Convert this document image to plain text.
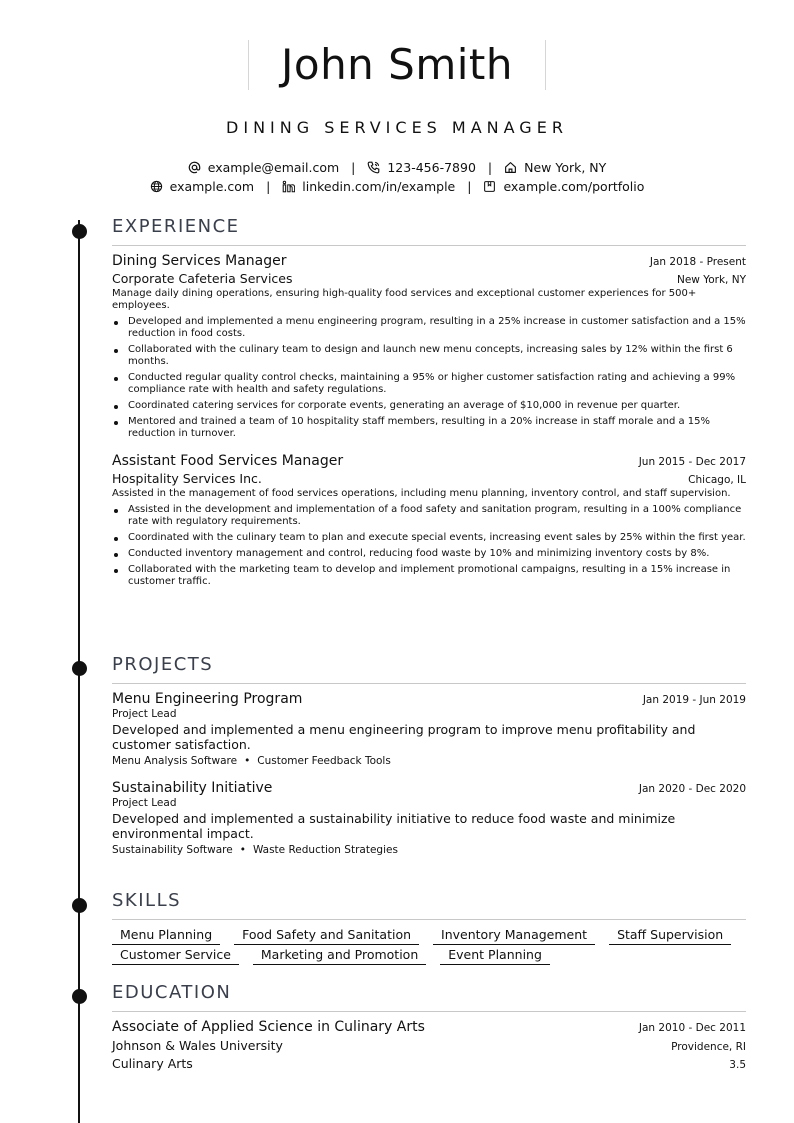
John Smith
DINING SERVICES MANAGER
example@email.com |	123-456-7890 |	New York, NY
example.com |	linkedin.com/in/example |	example.com/portfolio
EXPERIENCE
Dining Services Manager	Jan 2018 - Present
Corporate Cafeteria Services	New York, NY
Manage daily dining operations, ensuring high-quality food services and exceptional customer experiences for 500+ employees.
Developed and implemented a menu engineering program, resulting in a 25% increase in customer satisfaction and a 15% reduction in food costs.
Collaborated with the culinary team to design and launch new menu concepts, increasing sales by 12% within the first 6 months.
Conducted regular quality control checks, maintaining a 95% or higher customer satisfaction rating and achieving a 99% compliance rate with health and safety regulations.
Coordinated catering services for corporate events, generating an average of $10,000 in revenue per quarter.
Mentored and trained a team of 10 hospitality staff members, resulting in a 20% increase in staff morale and a 15% reduction in turnover.
Assistant Food Services Manager	Jun 2015 - Dec 2017
Hospitality Services Inc.	Chicago, IL
Assisted in the management of food services operations, including menu planning, inventory control, and staff supervision.
Assisted in the development and implementation of a food safety and sanitation program, resulting in a 100% compliance rate with regulatory requirements.
Coordinated with the culinary team to plan and execute special events, increasing event sales by 25% within the first year.
Conducted inventory management and control, reducing food waste by 10% and minimizing inventory costs by 8%.
Collaborated with the marketing team to develop and implement promotional campaigns, resulting in a 15% increase in customer traffic.
PROJECTS
Menu Engineering Program	Jan 2019 - Jun 2019
Project Lead
Developed and implemented a menu engineering program to improve menu profitability and customer satisfaction.
Menu Analysis Software • Customer Feedback Tools
Sustainability Initiative	Jan 2020 - Dec 2020
Project Lead
Developed and implemented a sustainability initiative to reduce food waste and minimize environmental impact.
Sustainability Software • Waste Reduction Strategies
SKILLS
Menu Planning	Food Safety and Sanitation	Inventory Management	Staff Supervision
Customer Service	Marketing and Promotion	Event Planning
EDUCATION
Associate of Applied Science in Culinary Arts	Jan 2010 - Dec 2011
Johnson & Wales University	Providence, RI
Culinary Arts	3.5
